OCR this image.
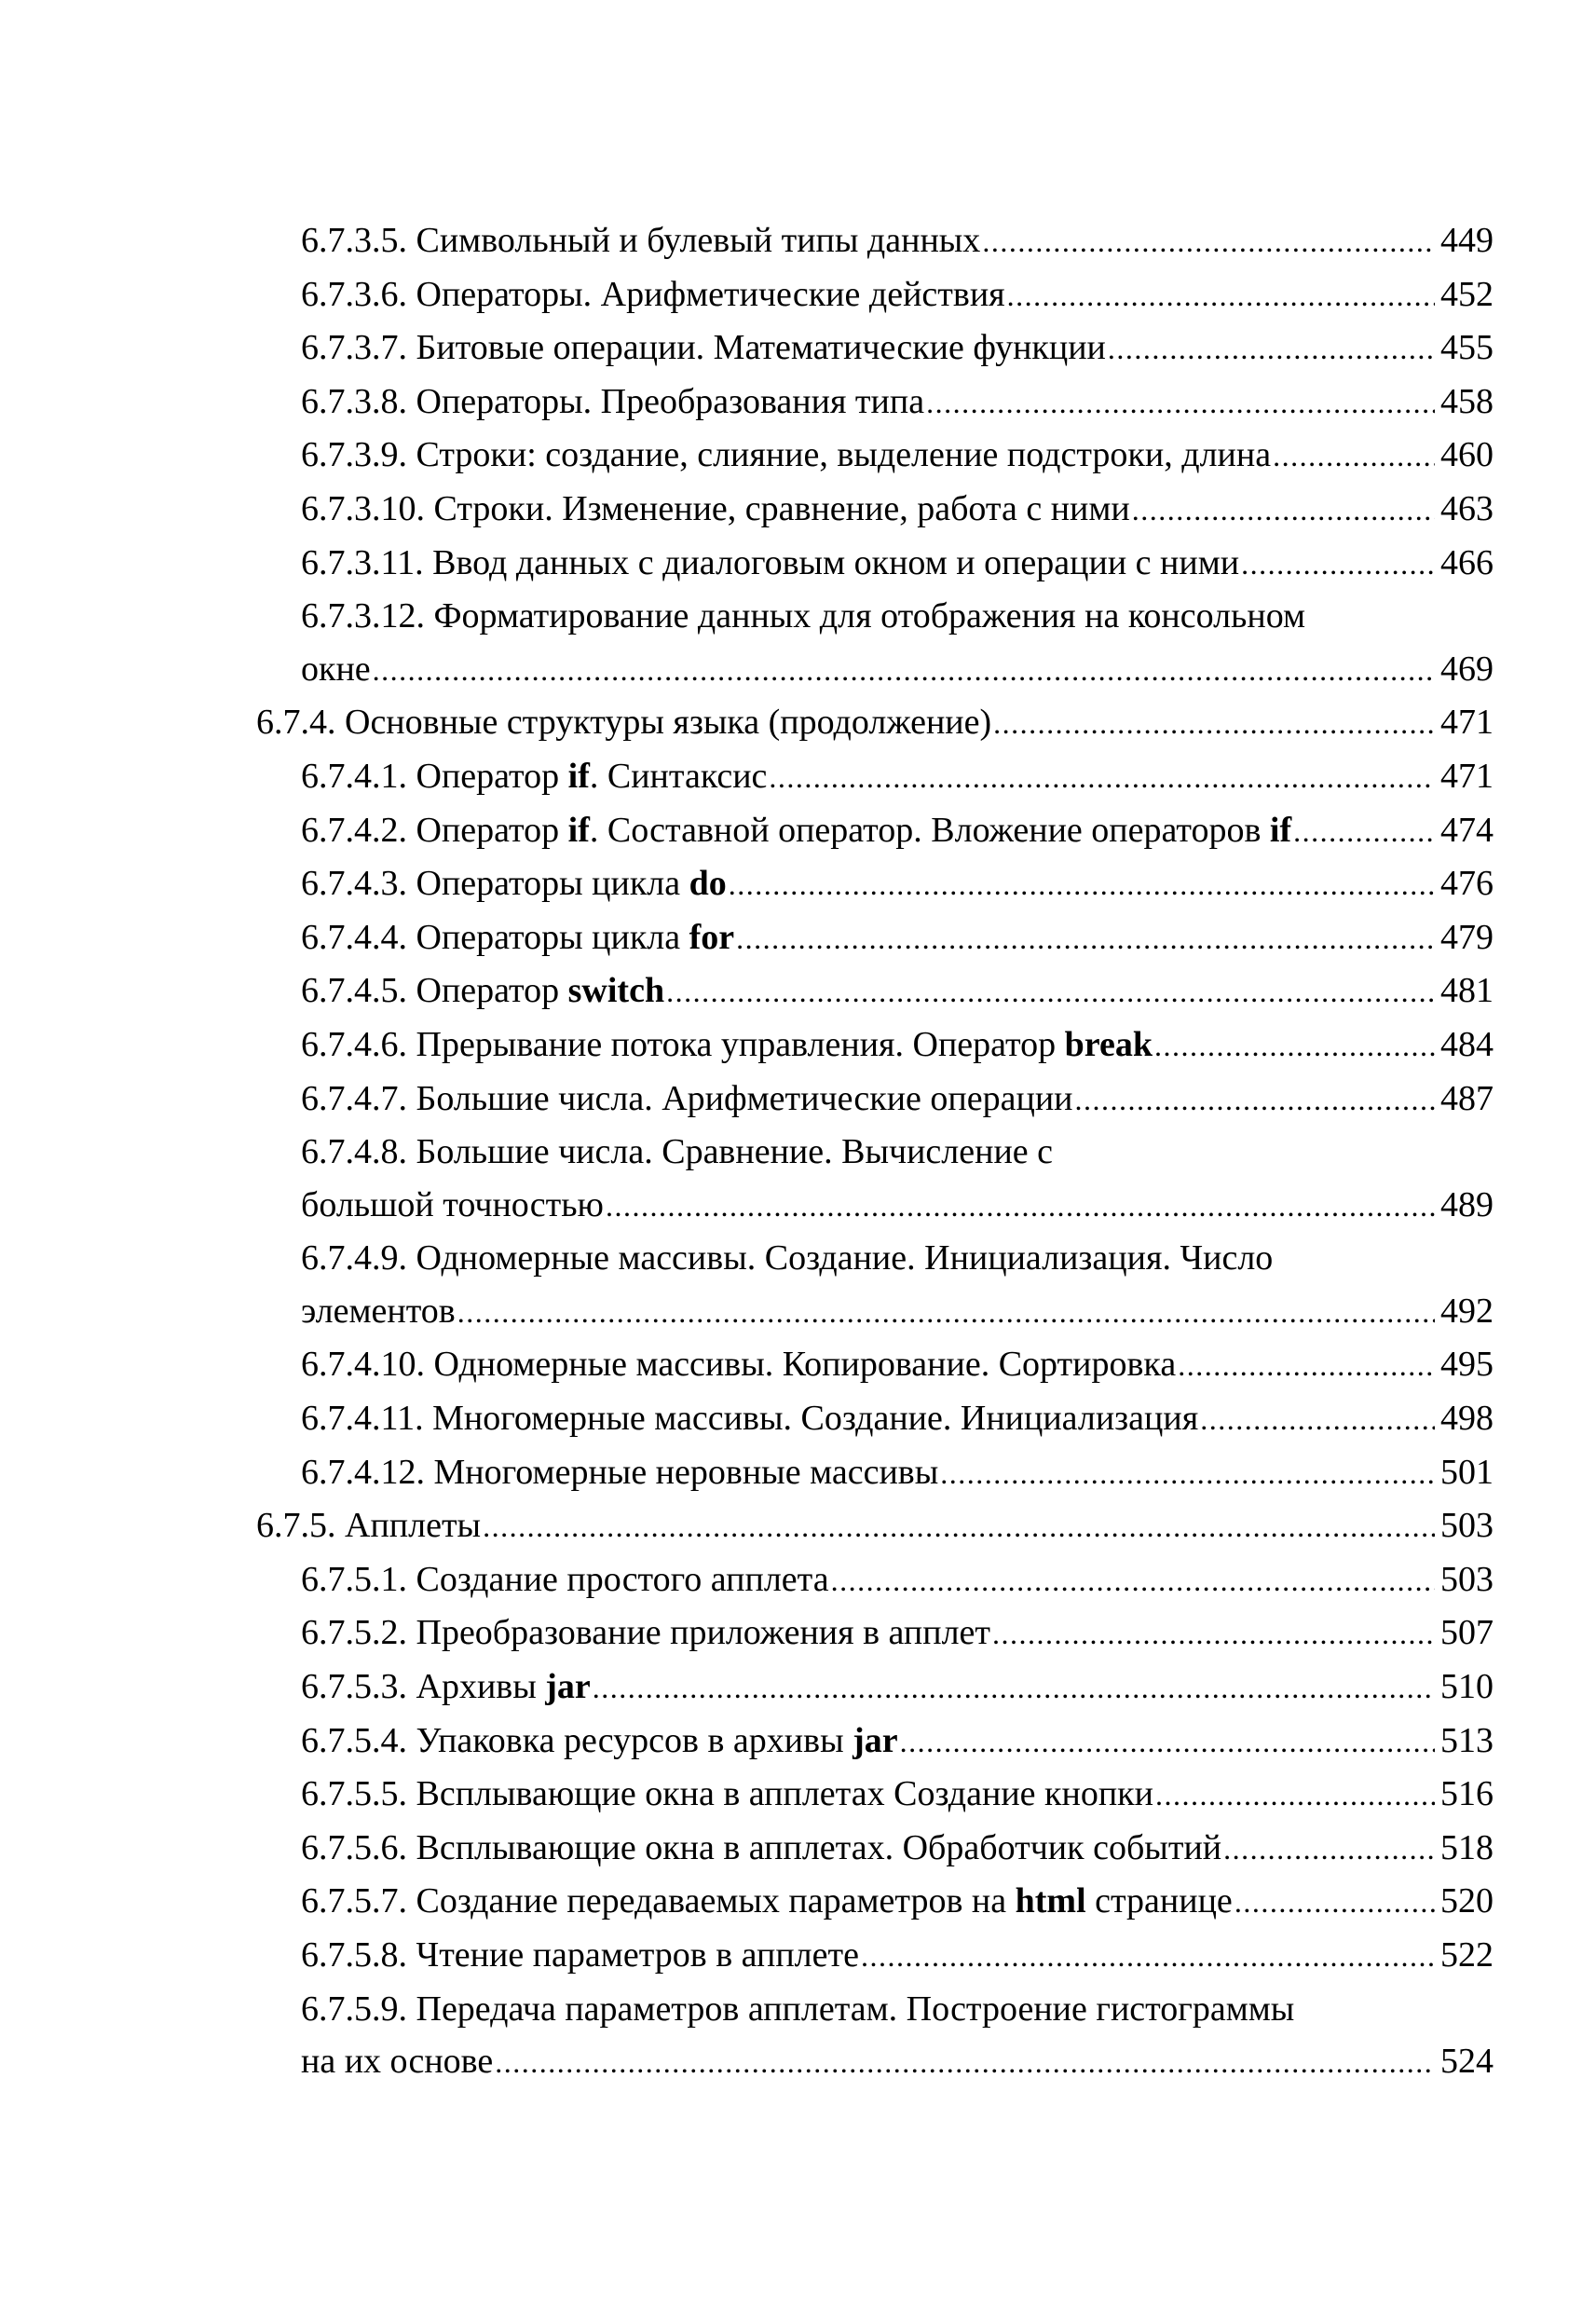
6.7.3.5. Символьный и булевый типы данных .....	449
6.7.3.6. Операторы. Арифметические действия .....	452
6.7.3.7. Битовые операции. Математические функции .....	455
6.7.3.8. Операторы. Преобразования типа .....	458
6.7.3.9. Строки: создание, слияние, выделение подстроки, длина .....	460
6.7.3.10. Строки. Изменение, сравнение, работа с ними .....	463
6.7.3.11. Ввод данных с диалоговым окном и операции с ними .....	466
6.7.3.12. Форматирование данных для отображения на консольном
окне .....	469
6.7.4. Основные структуры языка (продолжение) .....	471
6.7.4.1. Оператор if. Синтаксис .....	471
6.7.4.2. Оператор if. Составной оператор. Вложение операторов if .....	474
6.7.4.3. Операторы цикла do .....	476
6.7.4.4. Операторы цикла for .....	479
6.7.4.5. Оператор switch .....	481
6.7.4.6. Прерывание потока управления. Оператор break .....	484
6.7.4.7. Большие числа. Арифметические операции .....	487
6.7.4.8. Большие числа. Сравнение. Вычисление с
большой точностью .....	489
6.7.4.9. Одномерные массивы. Создание. Инициализация. Число
элементов .....	492
6.7.4.10. Одномерные массивы. Копирование. Сортировка .....	495
6.7.4.11. Многомерные массивы. Создание. Инициализация .....	498
6.7.4.12. Многомерные неровные массивы .....	501
6.7.5. Апплеты .....	503
6.7.5.1. Создание простого апплета .....	503
6.7.5.2. Преобразование приложения в апплет .....	507
6.7.5.3. Архивы jar .....	510
6.7.5.4. Упаковка ресурсов в архивы jar .....	513
6.7.5.5. Всплывающие окна в апплетах Создание кнопки .....	516
6.7.5.6. Всплывающие окна в апплетах. Обработчик событий .....	518
6.7.5.7. Создание передаваемых параметров на html странице .....	520
6.7.5.8. Чтение параметров в апплете .....	522
6.7.5.9. Передача параметров апплетам. Построение гистограммы
на их основе .....	524
